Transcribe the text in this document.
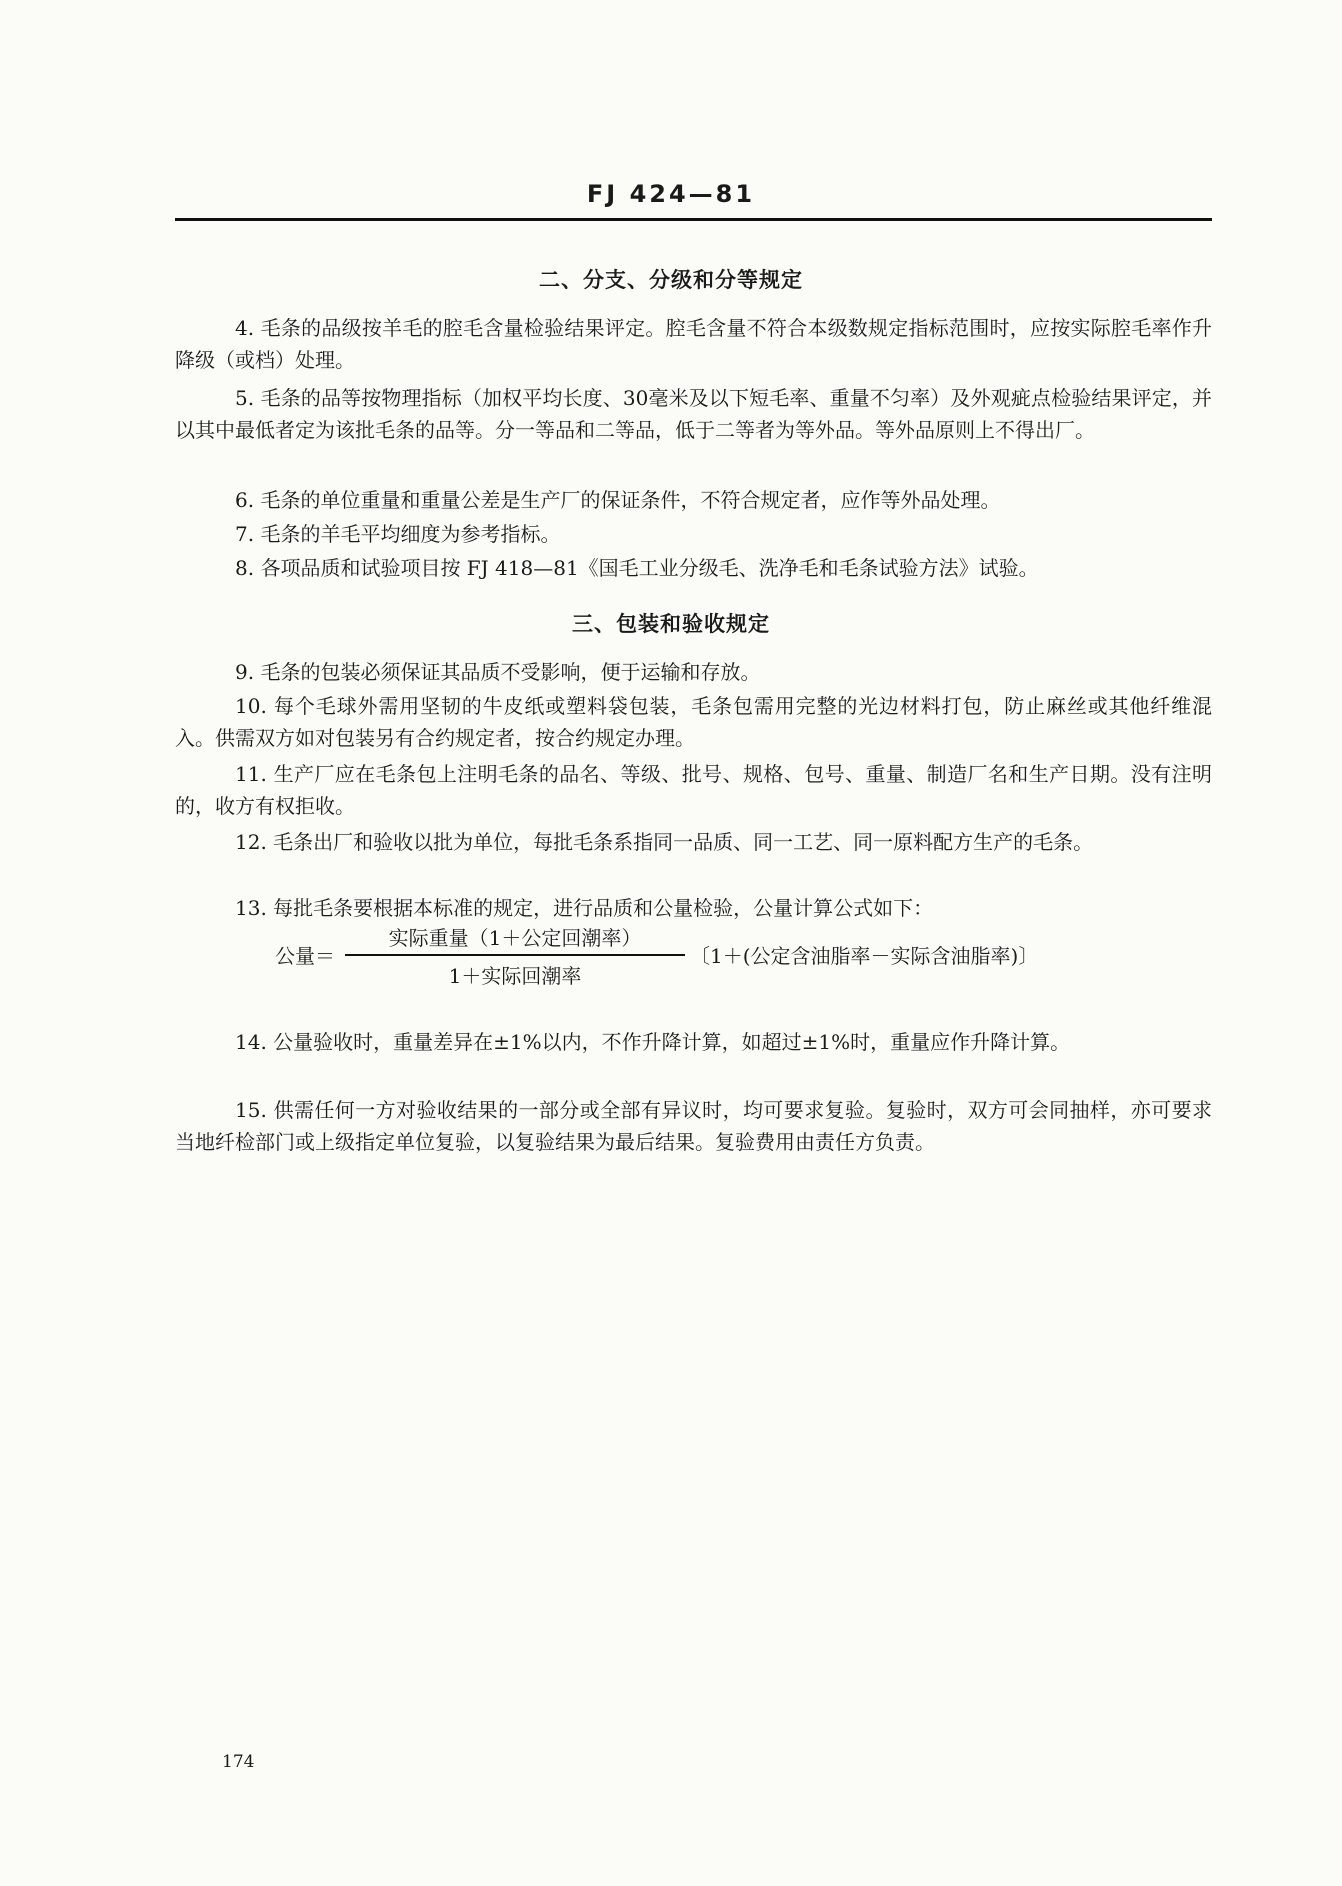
FJ 424—81
二、分支、分级和分等规定
4. 毛条的品级按羊毛的腔毛含量检验结果评定。腔毛含量不符合本级数规定指标范围时，应按实际腔毛率作升降级（或档）处理。
5. 毛条的品等按物理指标（加权平均长度、30毫米及以下短毛率、重量不匀率）及外观疵点检验结果评定，并以其中最低者定为该批毛条的品等。分一等品和二等品，低于二等者为等外品。等外品原则上不得出厂。
6. 毛条的单位重量和重量公差是生产厂的保证条件，不符合规定者，应作等外品处理。
7. 毛条的羊毛平均细度为参考指标。
8. 各项品质和试验项目按 FJ 418—81《国毛工业分级毛、洗净毛和毛条试验方法》试验。
三、包装和验收规定
9. 毛条的包装必须保证其品质不受影响，便于运输和存放。
10. 每个毛球外需用坚韧的牛皮纸或塑料袋包装，毛条包需用完整的光边材料打包，防止麻丝或其他纤维混入。供需双方如对包装另有合约规定者，按合约规定办理。
11. 生产厂应在毛条包上注明毛条的品名、等级、批号、规格、包号、重量、制造厂名和生产日期。没有注明的，收方有权拒收。
12. 毛条出厂和验收以批为单位，每批毛条系指同一品质、同一工艺、同一原料配方生产的毛条。
13. 每批毛条要根据本标准的规定，进行品质和公量检验，公量计算公式如下：
公量＝
实际重量（1＋公定回潮率）
1＋实际回潮率
〔1＋(公定含油脂率－实际含油脂率)〕
14. 公量验收时，重量差异在±1%以内，不作升降计算，如超过±1%时，重量应作升降计算。
15. 供需任何一方对验收结果的一部分或全部有异议时，均可要求复验。复验时，双方可会同抽样，亦可要求当地纤检部门或上级指定单位复验，以复验结果为最后结果。复验费用由责任方负责。
174
